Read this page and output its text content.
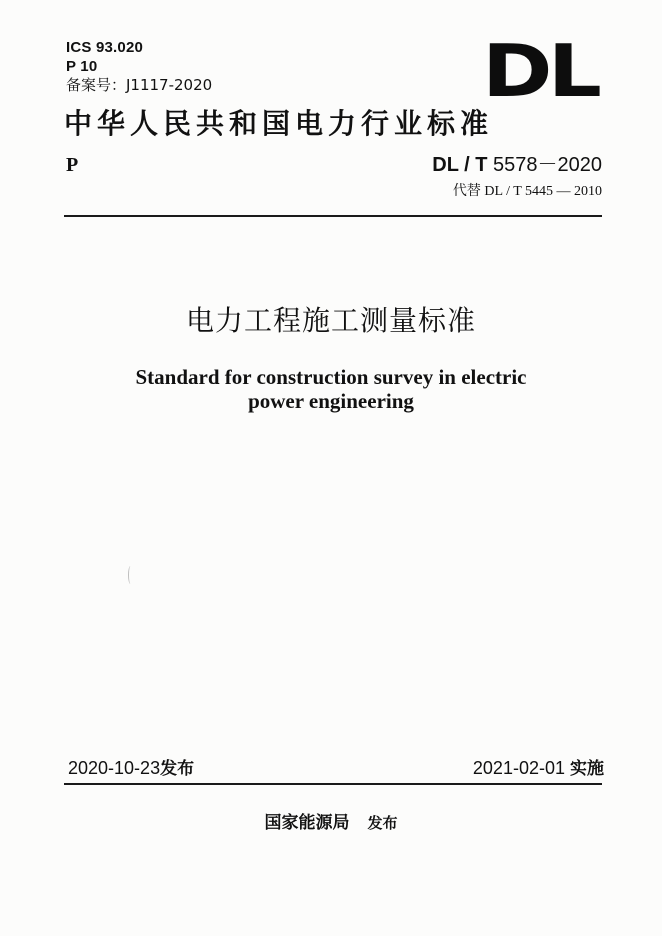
ICS 93.020
P 10
备案号：J1117-2020	DL
中华人民共和国电力行业标准
P	DL / T 5578－2020
代替 DL / T 5445 — 2010
电力工程施工测量标准
Standard for construction survey in electric
power engineering
2020-10-23发布	2021-02-01 实施
国家能源局 发布
